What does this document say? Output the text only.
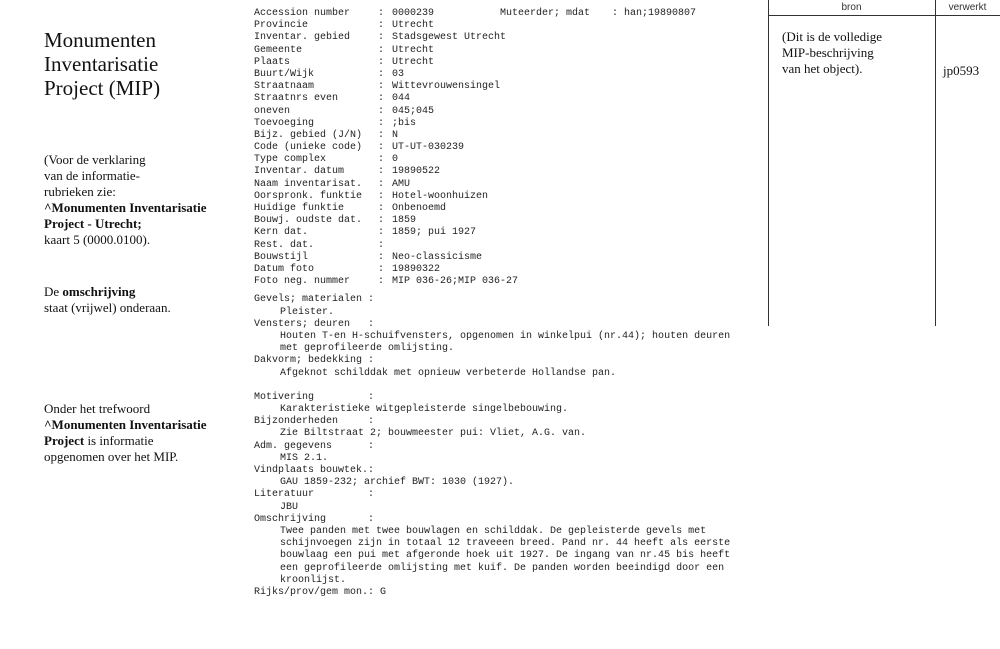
Monumenten
Inventarisatie
Project (MIP)
(Voor de verklaring
van de informatie-
rubrieken zie:
^Monumenten Inventarisatie
Project - Utrecht;
kaart 5 (0000.0100).
De omschrijving
staat (vrijwel) onderaan.
Onder het trefwoord
^Monumenten Inventarisatie
Project is informatie
opgenomen over het MIP.
Accession number	: 0000239	Muteerder; mdat : han;19890807
Provincie	: Utrecht
Inventar. gebied	: Stadsgewest Utrecht
Gemeente	: Utrecht
Plaats	: Utrecht
Buurt/Wijk	: 03
Straatnaam	: Wittevrouwensingel
Straatnrs even	: 044
oneven	: 045;045
Toevoeging	: ;bis
Bijz. gebied (J/N)	: N
Code (unieke code)	: UT-UT-030239
Type complex	: 0
Inventar. datum	: 19890522
Naam inventarisat.	: AMU
Oorspronk. funktie	: Hotel-woonhuizen
Huidige funktie	: Onbenoemd
Bouwj. oudste dat.	: 1859
Kern dat.	: 1859; pui 1927
Rest. dat.	:
Bouwstijl	: Neo-classicisme
Datum foto	: 19890322
Foto neg. nummer	: MIP 036-26;MIP 036-27
Gevels; materialen :
Pleister.
Vensters; deuren   :
Houten T-en H-schuifvensters, opgenomen in winkelpui (nr.44); houten deuren
met geprofileerde omlijsting.
Dakvorm; bedekking :
Afgeknot schilddak met opnieuw verbeterde Hollandse pan.
Motivering         :
Karakteristieke witgepleisterde singelbebouwing.
Bijzonderheden     :
Zie Biltstraat 2; bouwmeester pui: Vliet, A.G. van.
Adm. gegevens      :
MIS 2.1.
Vindplaats bouwtek.:
GAU 1859-232; archief BWT: 1030 (1927).
Literatuur         :
JBU
Omschrijving       :
Twee panden met twee bouwlagen en schilddak. De gepleisterde gevels met
schijnvoegen zijn in totaal 12 traveeen breed. Pand nr. 44 heeft als eerste
bouwlaag een pui met afgeronde hoek uit 1927. De ingang van nr.45 bis heeft
een geprofileerde omlijsting met kuif. De panden worden beeindigd door een
kroonlijst.
Rijks/prov/gem mon.: G
bron	verwerkt
(Dit is de volledige
MIP-beschrijving
van het object).	jp0593
